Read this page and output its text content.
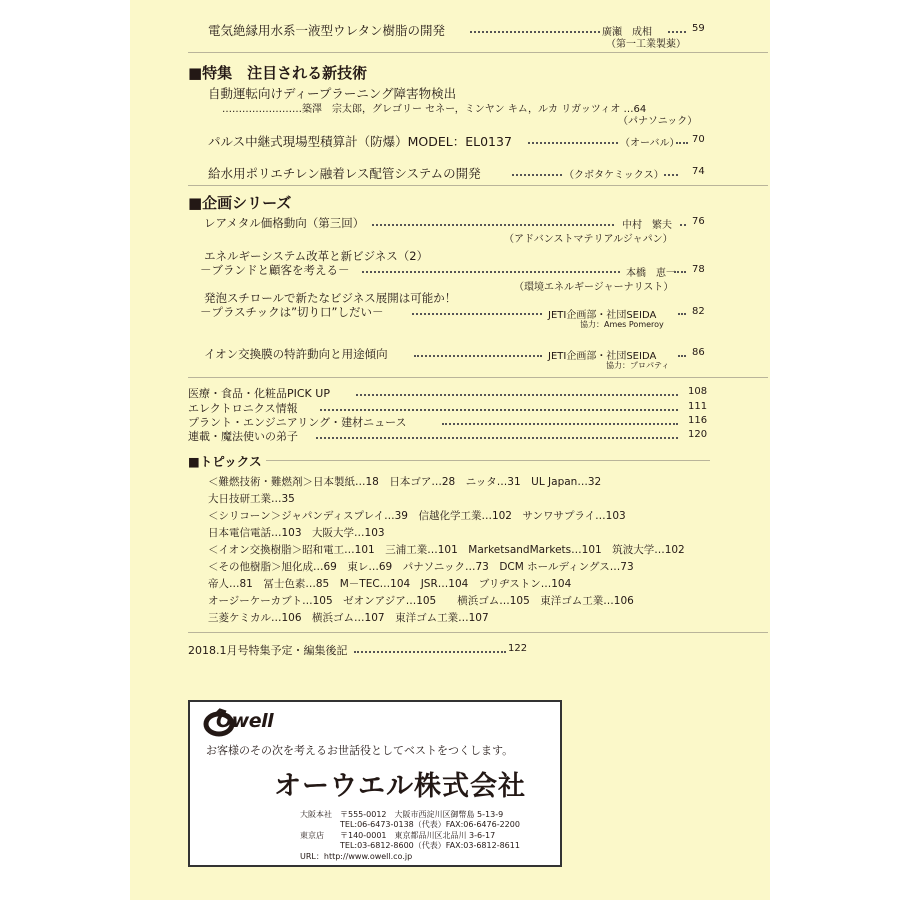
電気絶縁用水系一液型ウレタン樹脂の開発	廣瀬　成相	59
（第一工業製薬）
■特集　注目される新技術
自動運転向けディープラーニング障害物検出
……………………築澤　宗太郎，グレゴリー セネー，ミンヤン キム，ルカ リガッツィオ …64
（パナソニック）
パルス中継式現場型積算計（防爆）MODEL：EL0137	（オーバル） 70
給水用ポリエチレン融着レス配管システムの開発	（クボタケミックス）	74
■企画シリーズ
レアメタル価格動向（第三回）	中村　繁夫 76
（アドバンストマテリアルジャパン）
エネルギーシステム改革と新ビジネス（2）
－ブランドと顧客を考える－	本橋　恵一 78
（環境エネルギージャーナリスト）
発泡スチロールで新たなビジネス展開は可能か！
－プラスチックは”切り口”しだい－	JETI企画部・社団SEIDA	82
協力：Ames Pomeroy
イオン交換膜の特許動向と用途傾向	JETI企画部・社団SEIDA	86
協力：プロパティ
医療・食品・化粧品PICK UP	108
エレクトロニクス情報	111
プラント・エンジニアリング・建材ニュース	116
連載・魔法使いの弟子	120
■トピックス
＜難燃技術・難燃剤＞日本製紙…18　日本ゴア…28　ニッタ…31　UL Japan…32
大日技研工業…35
＜シリコーン＞ジャパンディスプレイ…39　信越化学工業…102　サンワサプライ…103
日本電信電話…103　大阪大学…103
＜イオン交換樹脂＞昭和電工…101　三浦工業…101　MarketsandMarkets…101　筑波大学…102
＜その他樹脂＞旭化成…69　東レ…69　パナソニック…73　DCM ホールディングス…73
帝人…81　冨士色素…85　M－TEC…104　JSR…104　ブリヂストン…104
オージーケーカブト…105　ゼオンアジア…105　　横浜ゴム…105　東洋ゴム工業…106
三菱ケミカル…106　横浜ゴム…107　東洋ゴム工業…107
2018.1月号特集予定・編集後記	122
Owell
お客様のその次を考えるお世話役としてベストをつくします。
オーウエル株式会社
大阪本社 〒555-0012　大阪市西淀川区御幣島 5-13-9
TEL:06-6473-0138（代表）FAX:06-6476-2200
東京店 〒140-0001　東京都品川区北品川 3-6-17
TEL:03-6812-8600（代表）FAX:03-6812-8611
URL：http://www.owell.co.jp
